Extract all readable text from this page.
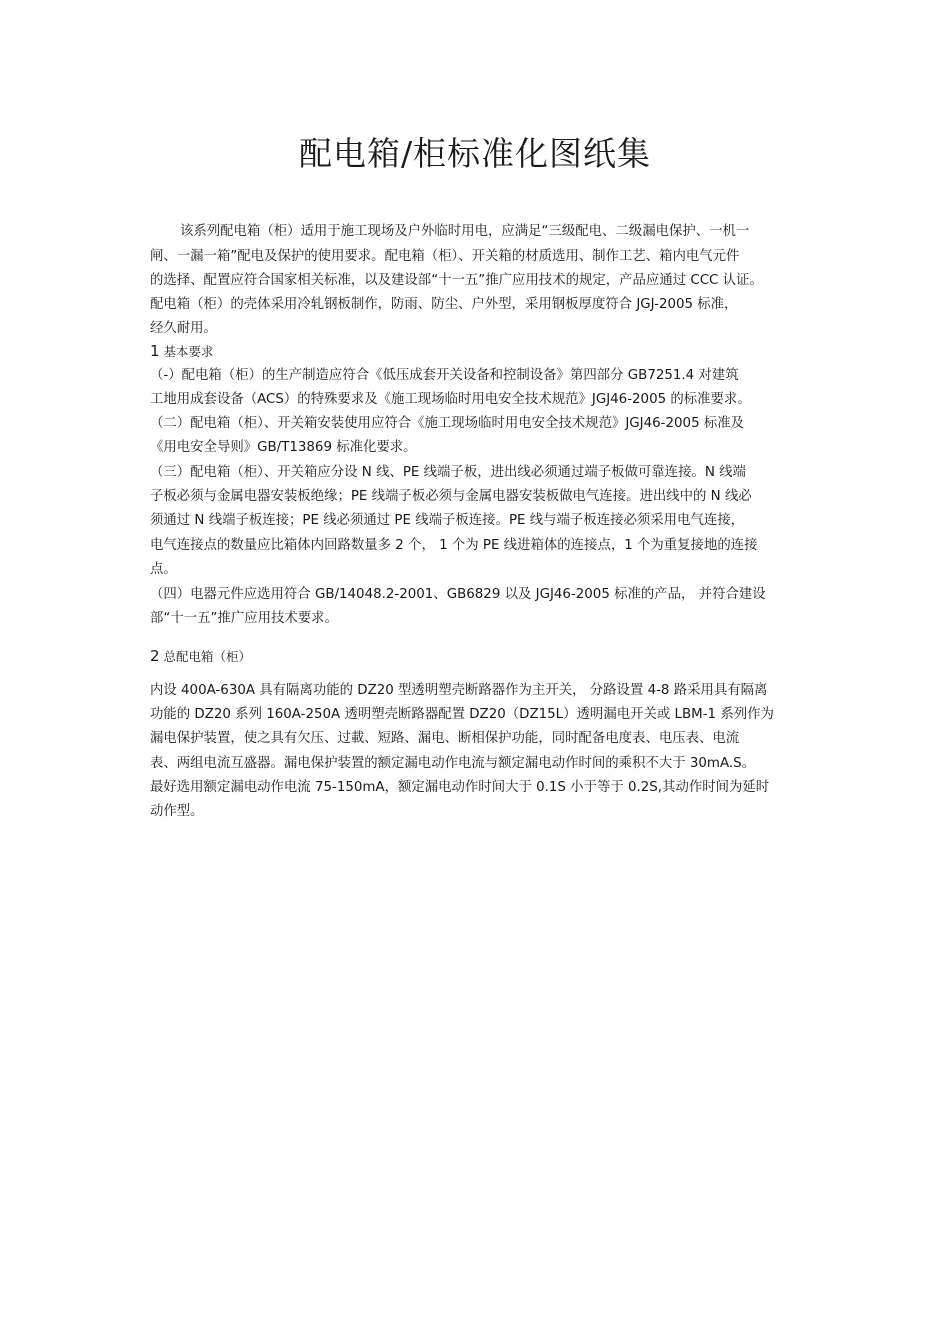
配电箱/柜标准化图纸集

该系列配电箱（柜）适用于施工现场及户外临时用电，应满足“三级配电、二级漏电保护、一机一

闸、一漏一箱”配电及保护的使用要求。配电箱（柜）、开关箱的材质选用、制作工艺、箱内电气元件

的选择、配置应符合国家相关标准，以及建设部“十一五”推广应用技术的规定，产品应通过 CCC 认证。

配电箱（柜）的壳体采用冷轧钢板制作，防雨、防尘、户外型，采用钢板厚度符合 JGJ-2005 标准，

经久耐用。

1 基本要求

（-）配电箱（柜）的生产制造应符合《低压成套开关设备和控制设备》第四部分 GB7251.4 对建筑

工地用成套设备（ACS）的特殊要求及《施工现场临时用电安全技术规范》JGJ46-2005 的标准要求。

（二）配电箱（柜）、开关箱安装使用应符合《施工现场临时用电安全技术规范》JGJ46-2005 标准及

《用电安全导则》GB/T13869 标准化要求。

（三）配电箱（柜）、开关箱应分设 N 线、PE 线端子板，进出线必须通过端子板做可靠连接。N 线端

子板必须与金属电器安装板绝缘；PE 线端子板必须与金属电器安装板做电气连接。进出线中的 N 线必

须通过 N 线端子板连接；PE 线必须通过 PE 线端子板连接。PE 线与端子板连接必须采用电气连接，

电气连接点的数量应比箱体内回路数量多 2 个， 1 个为 PE 线进箱体的连接点，1 个为重复接地的连接

点。

（四）电器元件应选用符合 GB/14048.2-2001、GB6829 以及 JGJ46-2005 标准的产品， 并符合建设

部“十一五”推广应用技术要求。

2 总配电箱（柜）

内设 400A-630A 具有隔离功能的 DZ20 型透明塑壳断路器作为主开关， 分路设置 4-8 路采用具有隔离

功能的 DZ20 系列 160A-250A 透明塑壳断路器配置 DZ20（DZ15L）透明漏电开关或 LBM-1 系列作为

漏电保护装置，使之具有欠压、过載、短路、漏电、断相保护功能，同时配备电度表、电压表、电流

表、两组电流互盛器。漏电保护装置的额定漏电动作电流与额定漏电动作时间的乘积不大于 30mA.S。

最好选用额定漏电动作电流 75-150mA，额定漏电动作时间大于 0.1S 小于等于 0.2S,其动作时间为延时

动作型。
